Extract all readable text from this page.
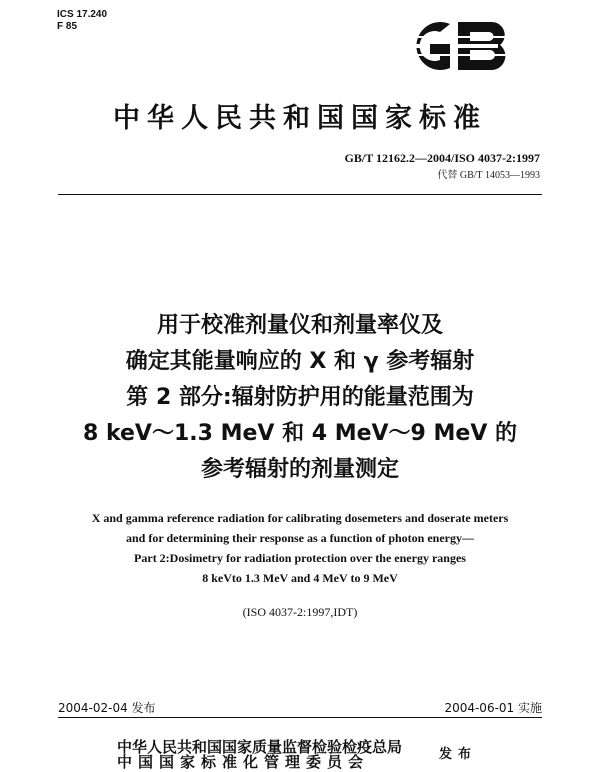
ICS 17.240
F 85
中华人民共和国国家标准
GB/T 12162.2—2004/ISO 4037-2:1997
代替 GB/T 14053—1993
用于校准剂量仪和剂量率仪及
确定其能量响应的 X 和 γ 参考辐射
第 2 部分:辐射防护用的能量范围为
8 keV～1.3 MeV 和 4 MeV～9 MeV 的
参考辐射的剂量测定
X and gamma reference radiation for calibrating dosemeters and doserate meters
and for determining their response as a function of photon energy—
Part 2:Dosimetry for radiation protection over the energy ranges
8 keVto 1.3 MeV and 4 MeV to 9 MeV
(ISO 4037-2:1997,IDT)
2004-02-04 发布	2004-06-01 实施
中华人民共和国国家质量监督检验检疫总局
中国国家标准化管理委员会	发布
